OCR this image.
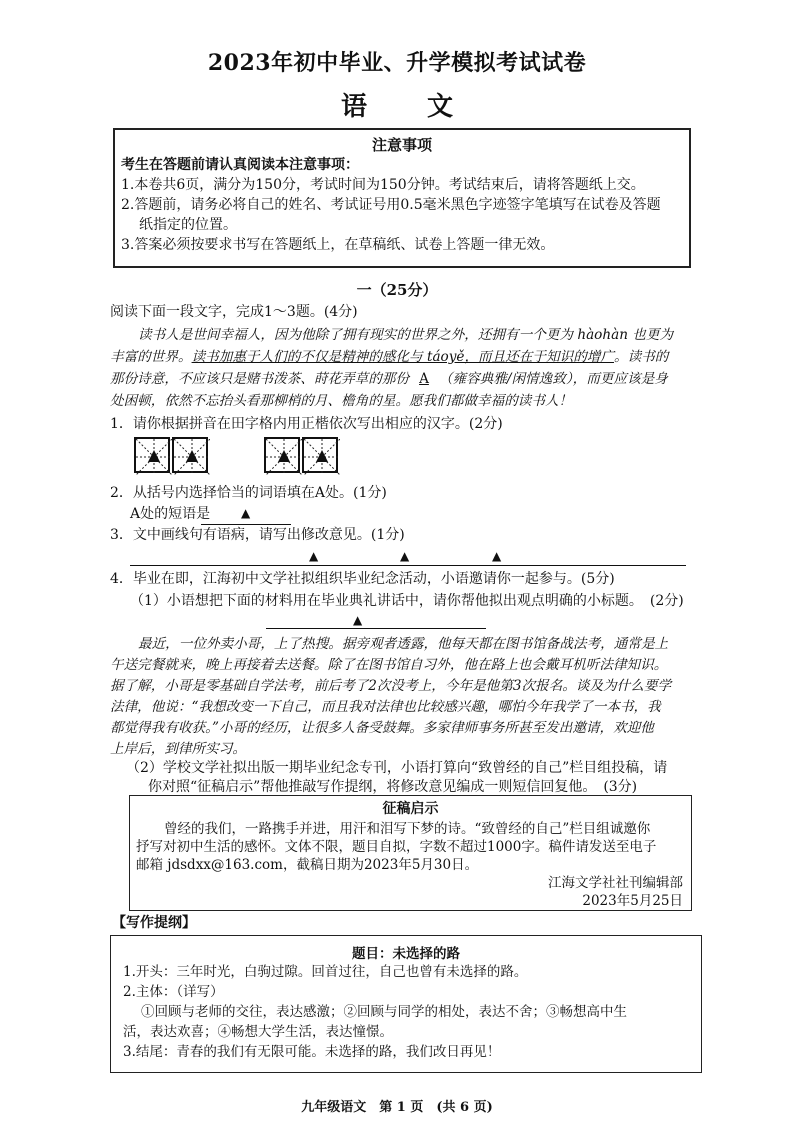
2023年初中毕业、升学模拟考试试卷
语 文
注意事项

考生在答题前请认真阅读本注意事项：

1.本卷共6页，满分为150分，考试时间为150分钟。考试结束后，请将答题纸上交。

2.答题前，请务必将自己的姓名、考试证号用0.5毫米黑色字迹签字笔填写在试卷及答题

纸指定的位置。

3.答案必须按要求书写在答题纸上，在草稿纸、试卷上答题一律无效。

一（25分）
阅读下面一段文字，完成1～3题。(4分)
读书人是世间幸福人，因为他除了拥有现实的世界之外，还拥有一个更为 hàohàn 也更为
丰富的世界。读书加惠于人们的不仅是精神的感化与 táoyě，而且还在于知识的增广。读书的
那份诗意，不应该只是赌书泼茶、莳花弄草的那份 A （雍容典雅/闲情逸致），而更应该是身
处困顿，依然不忘抬头看那柳梢的月、檐角的星。愿我们都做幸福的读书人！
1．请你根据拼音在田字格内用正楷依次写出相应的汉字。(2分)
2．从括号内选择恰当的词语填在A处。(1分)
A处的短语是	▲
3．文中画线句有语病，请写出修改意见。(1分)
▲	▲	▲
4．毕业在即，江海初中文学社拟组织毕业纪念活动，小语邀请你一起参与。(5分)
（1）小语想把下面的材料用在毕业典礼讲话中，请你帮他拟出观点明确的小标题。　(2分)
▲
最近，一位外卖小哥，上了热搜。据旁观者透露，他每天都在图书馆备战法考，通常是上
午送完餐就来，晚上再接着去送餐。除了在图书馆自习外，他在路上也会戴耳机听法律知识。
据了解，小哥是零基础自学法考，前后考了2次没考上，今年是他第3次报名。谈及为什么要学
法律，他说：“我想改变一下自己，而且我对法律也比较感兴趣，哪怕今年我学了一本书，我
都觉得我有收获。”小哥的经历，让很多人备受鼓舞。多家律师事务所甚至发出邀请，欢迎他
上岸后，到律所实习。
（2）学校文学社拟出版一期毕业纪念专刊，小语打算向“致曾经的自己”栏目组投稿，请
你对照“征稿启示”帮他推敲写作提纲，将修改意见编成一则短信回复他。　(3分)
征稿启示
曾经的我们，一路携手并进，用汗和泪写下梦的诗。“致曾经的自己”栏目组诚邀你
抒写对初中生活的感怀。文体不限，题目自拟，字数不超过1000字。稿件请发送至电子
邮箱 jdsdxx@163.com，截稿日期为2023年5月30日。
江海文学社社刊编辑部
2023年5月25日
【写作提纲】
题目：未选择的路

1.开头：三年时光，白驹过隙。回首过往，自己也曾有未选择的路。

2.主体：（详写）

①回顾与老师的交往，表达感激；②回顾与同学的相处，表达不舍；③畅想高中生

活，表达欢喜；④畅想大学生活，表达憧憬。

3.结尾：青春的我们有无限可能。未选择的路，我们改日再见！

九年级语文　第 1 页　(共 6 页)
